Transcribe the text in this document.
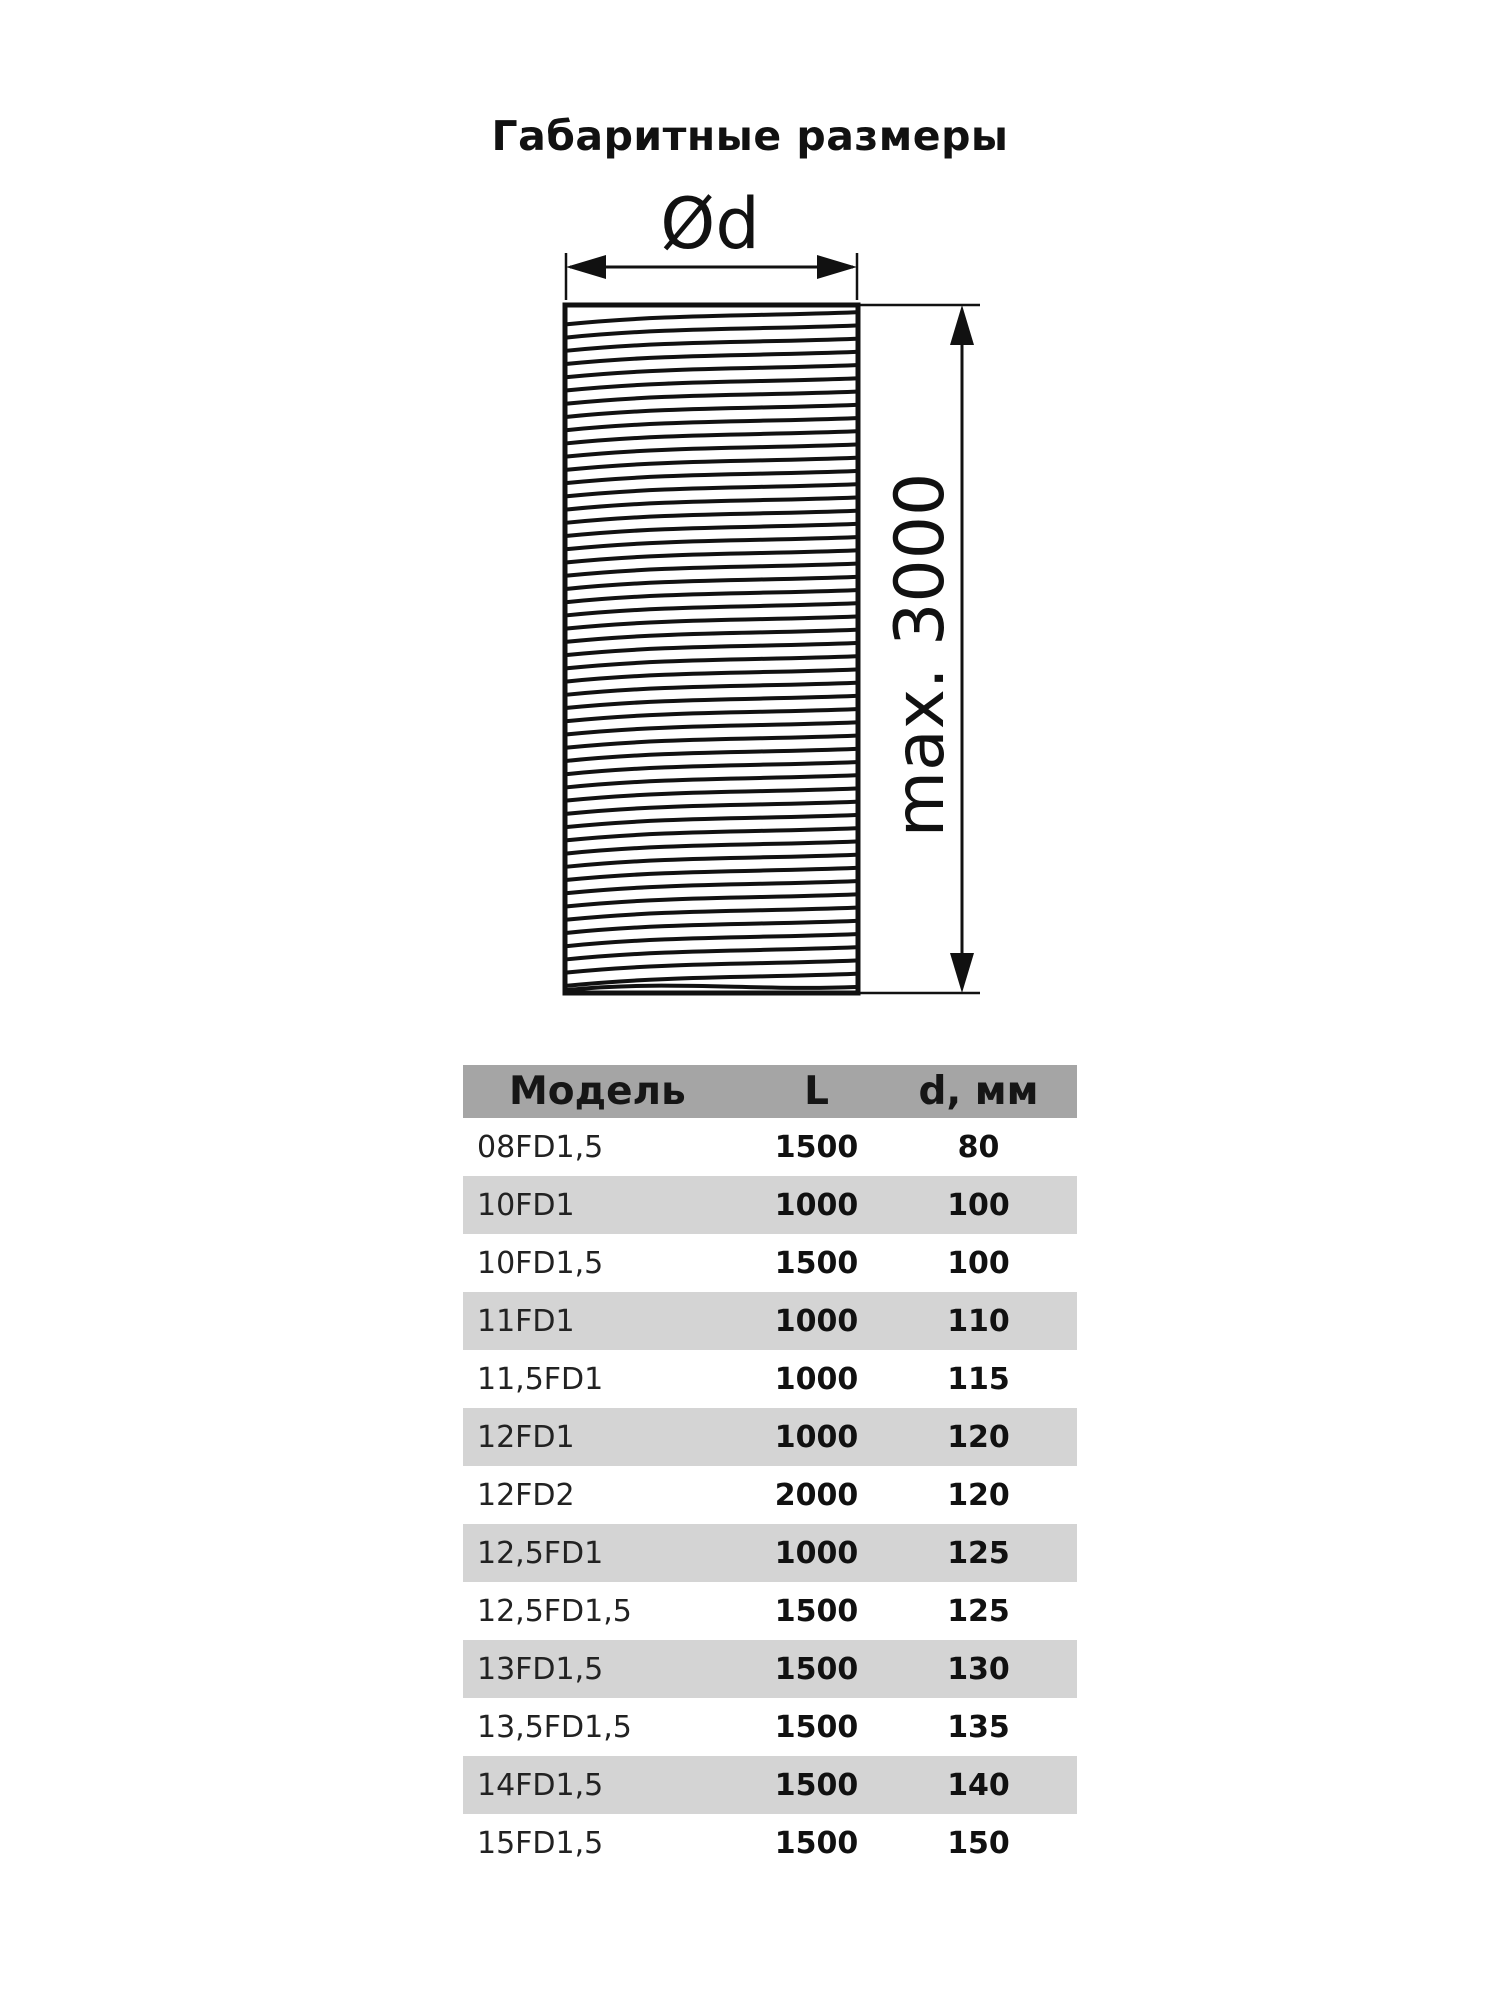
Габаритные размеры
Ød
max. 3000
Модель	L	d, мм
08FD1,5	1500	80
10FD1	1000	100
10FD1,5	1500	100
11FD1	1000	110
11,5FD1	1000	115
12FD1	1000	120
12FD2	2000	120
12,5FD1	1000	125
12,5FD1,5	1500	125
13FD1,5	1500	130
13,5FD1,5	1500	135
14FD1,5	1500	140
15FD1,5	1500	150
